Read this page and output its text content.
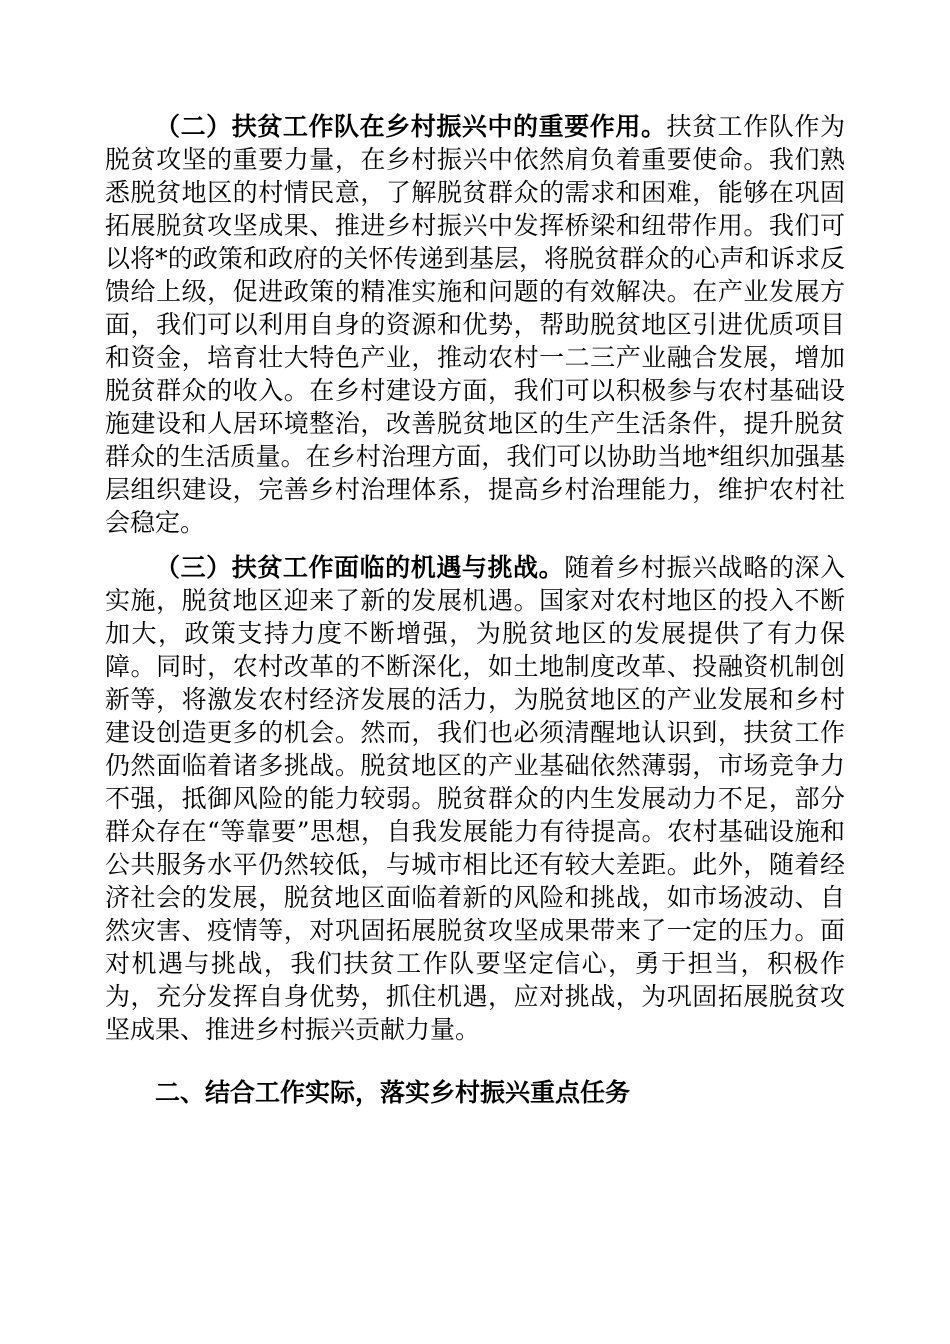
（二）扶贫工作队在乡村振兴中的重要作用。扶贫工作队作为脱贫攻坚的重要力量，在乡村振兴中依然肩负着重要使命。我们熟悉脱贫地区的村情民意，了解脱贫群众的需求和困难，能够在巩固拓展脱贫攻坚成果、推进乡村振兴中发挥桥梁和纽带作用。我们可以将*的政策和政府的关怀传递到基层，将脱贫群众的心声和诉求反馈给上级，促进政策的精准实施和问题的有效解决。在产业发展方面，我们可以利用自身的资源和优势，帮助脱贫地区引进优质项目和资金，培育壮大特色产业，推动农村一二三产业融合发展，增加脱贫群众的收入。在乡村建设方面，我们可以积极参与农村基础设施建设和人居环境整治，改善脱贫地区的生产生活条件，提升脱贫群众的生活质量。在乡村治理方面，我们可以协助当地*组织加强基层组织建设，完善乡村治理体系，提高乡村治理能力，维护农村社会稳定。

（三）扶贫工作面临的机遇与挑战。随着乡村振兴战略的深入实施，脱贫地区迎来了新的发展机遇。国家对农村地区的投入不断加大，政策支持力度不断增强，为脱贫地区的发展提供了有力保障。同时，农村改革的不断深化，如土地制度改革、投融资机制创新等，将激发农村经济发展的活力，为脱贫地区的产业发展和乡村建设创造更多的机会。然而，我们也必须清醒地认识到，扶贫工作仍然面临着诸多挑战。脱贫地区的产业基础依然薄弱，市场竞争力不强，抵御风险的能力较弱。脱贫群众的内生发展动力不足，部分群众存在“等靠要”思想，自我发展能力有待提高。农村基础设施和公共服务水平仍然较低，与城市相比还有较大差距。此外，随着经济社会的发展，脱贫地区面临着新的风险和挑战，如市场波动、自然灾害、疫情等，对巩固拓展脱贫攻坚成果带来了一定的压力。面对机遇与挑战，我们扶贫工作队要坚定信心，勇于担当，积极作为，充分发挥自身优势，抓住机遇，应对挑战，为巩固拓展脱贫攻坚成果、推进乡村振兴贡献力量。

二、结合工作实际，落实乡村振兴重点任务
